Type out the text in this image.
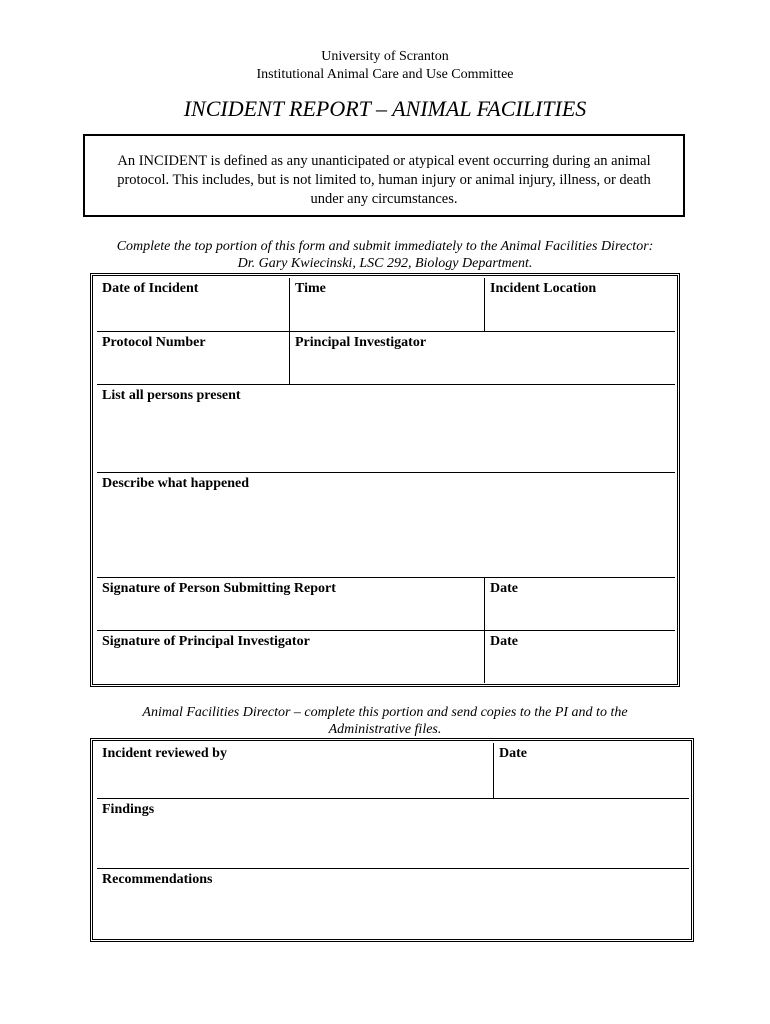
University of Scranton
Institutional Animal Care and Use Committee
INCIDENT REPORT – ANIMAL FACILITIES
An INCIDENT is defined as any unanticipated or atypical event occurring during an animal
protocol. This includes, but is not limited to, human injury or animal injury, illness, or death
under any circumstances.
Complete the top portion of this form and submit immediately to the Animal Facilities Director:
Dr. Gary Kwiecinski, LSC 292, Biology Department.
Date of Incident	Time	Incident Location
Protocol Number	Principal Investigator
List all persons present
Describe what happened
Signature of Person Submitting Report	Date
Signature of Principal Investigator	Date
Animal Facilities Director – complete this portion and send copies to the PI and to the
Administrative files.
Incident reviewed by	Date
Findings
Recommendations
